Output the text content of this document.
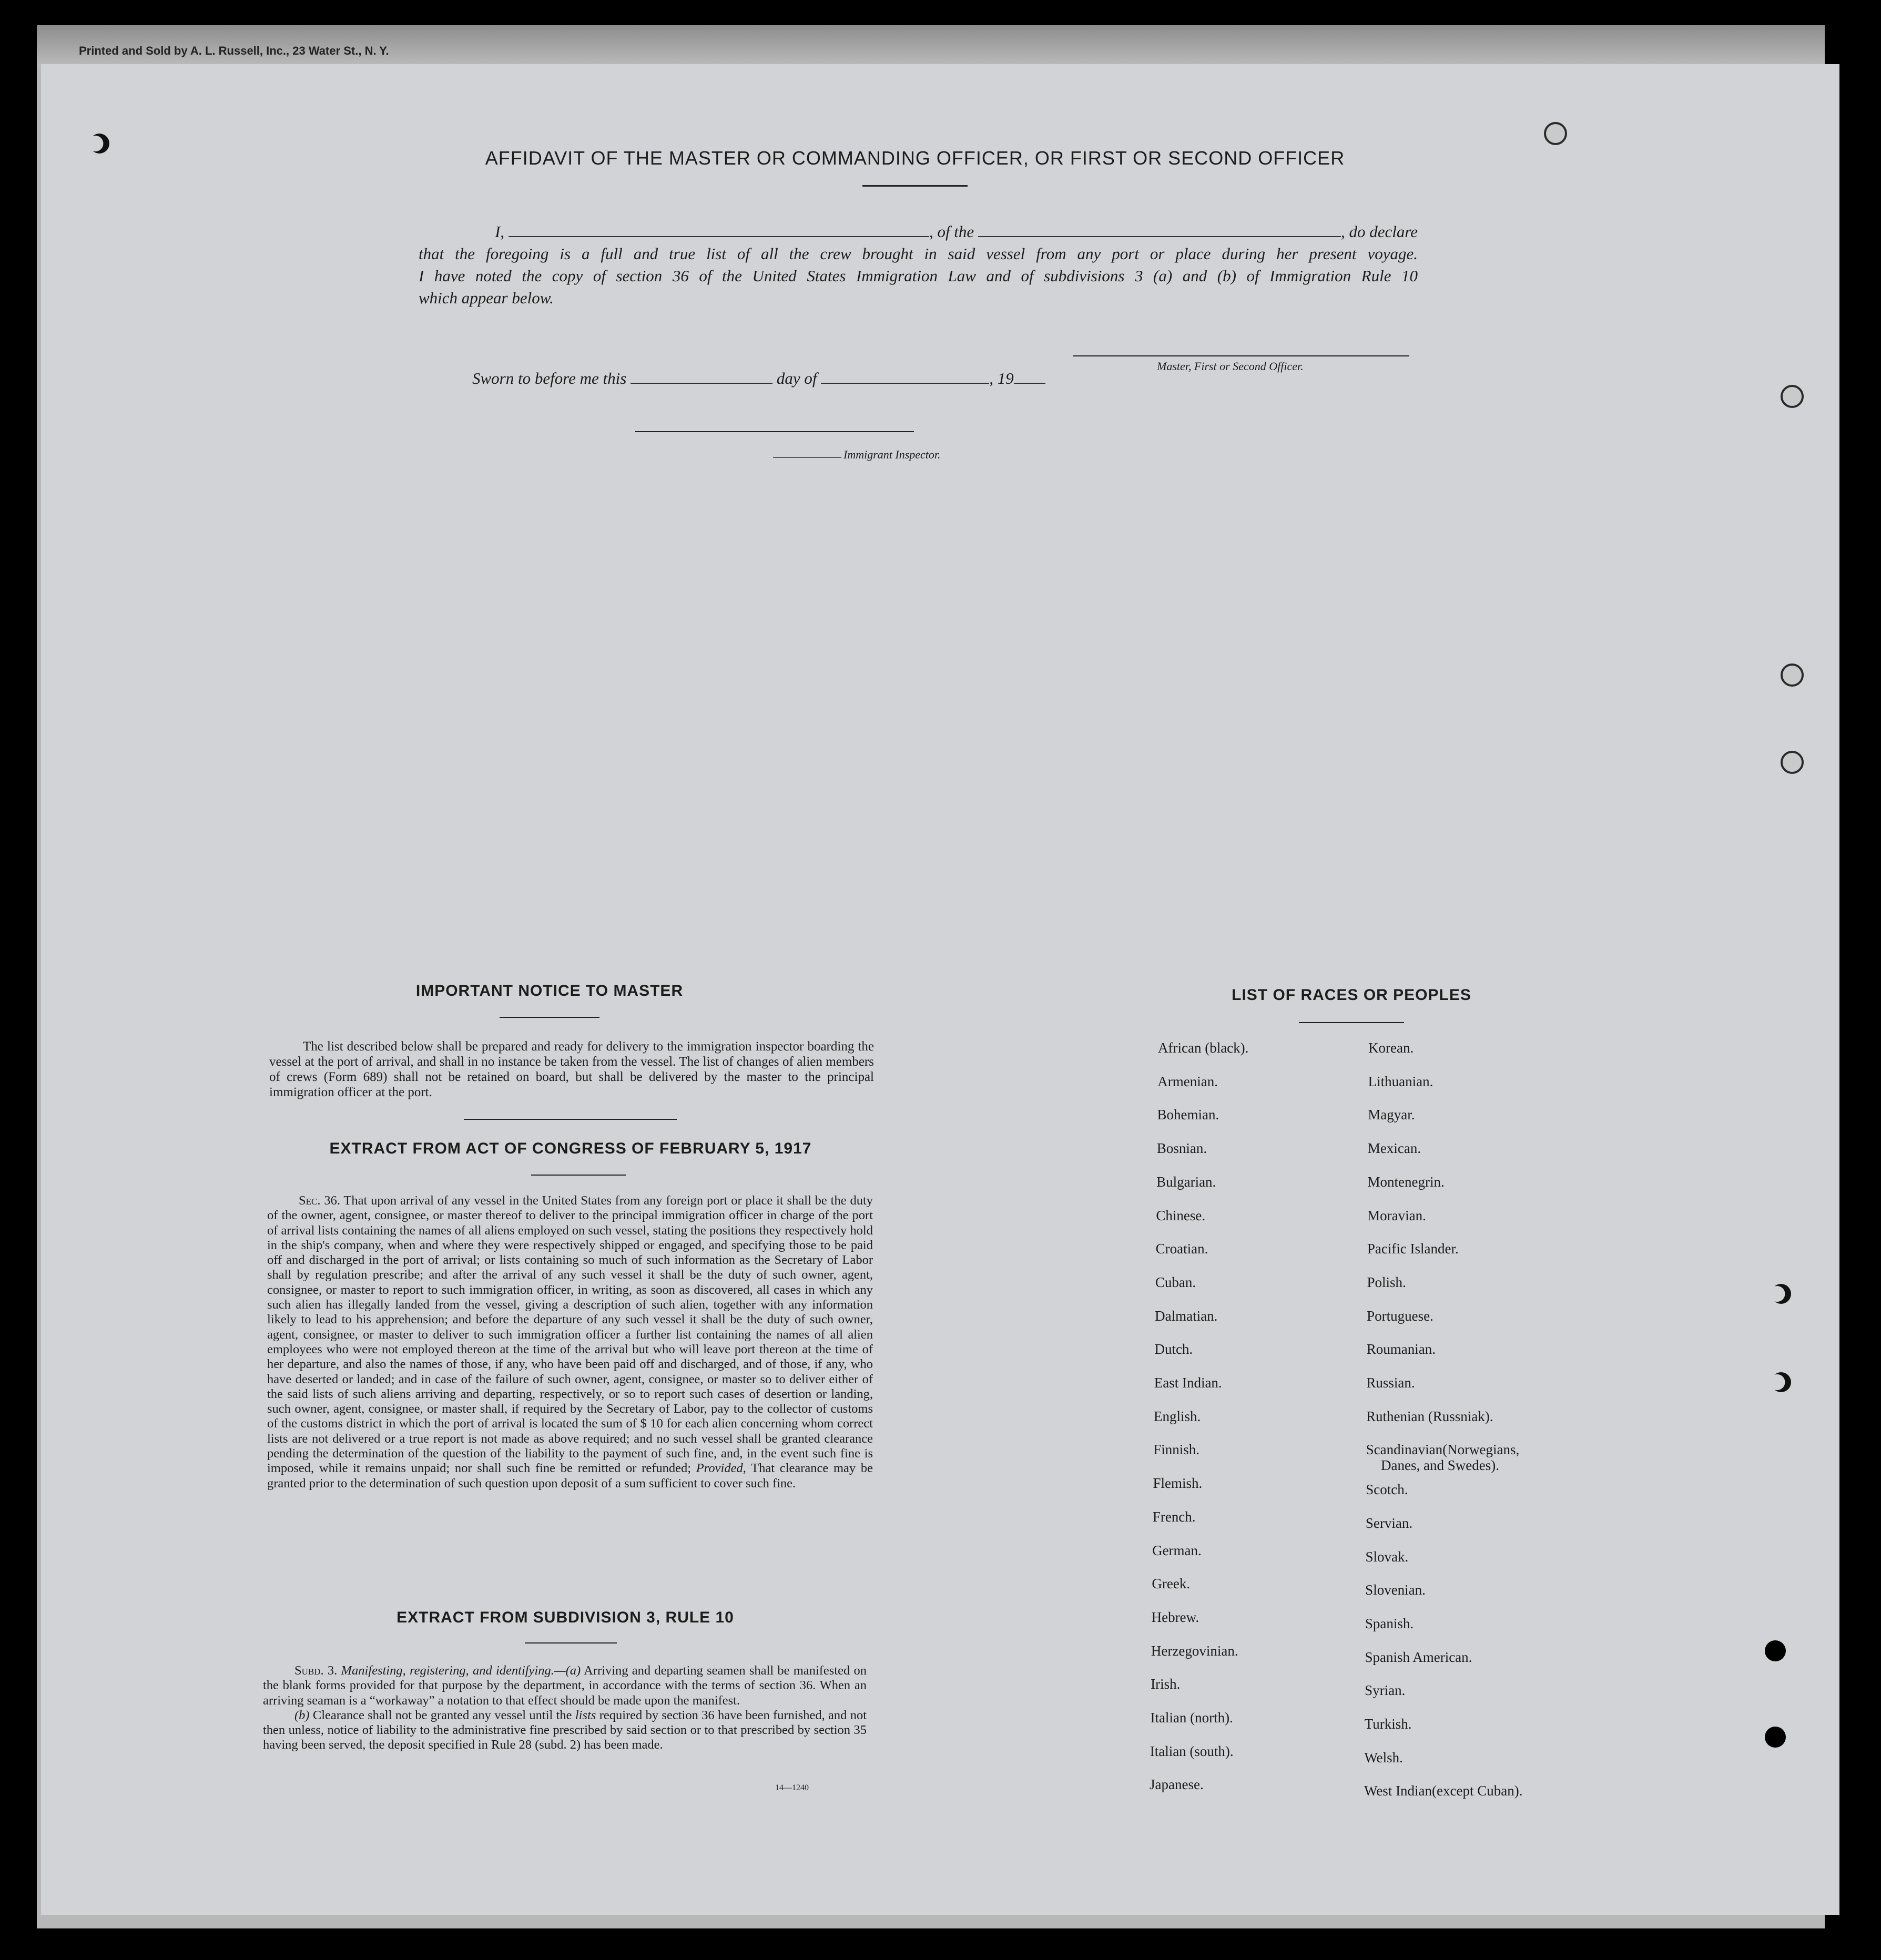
Printed and Sold by A. L. Russell, Inc., 23 Water St., N. Y.
AFFIDAVIT OF THE MASTER OR COMMANDING OFFICER, OR FIRST OR SECOND OFFICER
I,	, of the	, do declare
that the foregoing is a full and true list of all the crew brought in said vessel from any port or place during her present voyage.
I have noted the copy of section 36 of the United States Immigration Law and of subdivisions 3 (a) and (b) of Immigration Rule 10
which appear below.
Master, First or Second Officer.
Sworn to before me this	day of	, 19
Immigrant Inspector.
IMPORTANT NOTICE TO MASTER
The list described below shall be prepared and ready for delivery to the immigration inspector boarding the vessel at the port of arrival, and shall in no instance be taken from the vessel. The list of changes of alien members of crews (Form 689) shall not be retained on board, but shall be delivered by the master to the principal immigration officer at the port.
EXTRACT FROM ACT OF CONGRESS OF FEBRUARY 5, 1917
Sec. 36. That upon arrival of any vessel in the United States from any foreign port or place it shall be the duty of the owner, agent, consignee, or master thereof to deliver to the principal immigration officer in charge of the port of arrival lists containing the names of all aliens employed on such vessel, stating the positions they respectively hold in the ship's company, when and where they were respectively shipped or engaged, and specifying those to be paid off and discharged in the port of arrival; or lists containing so much of such information as the Secretary of Labor shall by regulation prescribe; and after the arrival of any such vessel it shall be the duty of such owner, agent, consignee, or master to report to such immigration officer, in writing, as soon as discovered, all cases in which any such alien has illegally landed from the vessel, giving a description of such alien, together with any information likely to lead to his apprehension; and before the departure of any such vessel it shall be the duty of such owner, agent, consignee, or master to deliver to such immigration officer a further list containing the names of all alien employees who were not employed thereon at the time of the arrival but who will leave port thereon at the time of her departure, and also the names of those, if any, who have been paid off and discharged, and of those, if any, who have deserted or landed; and in case of the failure of such owner, agent, consignee, or master so to deliver either of the said lists of such aliens arriving and departing, respectively, or so to report such cases of desertion or landing, such owner, agent, consignee, or master shall, if required by the Secretary of Labor, pay to the collector of customs of the customs district in which the port of arrival is located the sum of $ 10 for each alien concerning whom correct lists are not delivered or a true report is not made as above required; and no such vessel shall be granted clearance pending the determination of the question of the liability to the payment of such fine, and, in the event such fine is imposed, while it remains unpaid; nor shall such fine be remitted or refunded; Provided, That clearance may be granted prior to the determination of such question upon deposit of a sum sufficient to cover such fine.
EXTRACT FROM SUBDIVISION 3, RULE 10
Subd. 3. Manifesting, registering, and identifying.—(a) Arriving and departing seamen shall be manifested on the blank forms provided for that purpose by the department, in accordance with the terms of section 36. When an arriving seaman is a “workaway” a notation to that effect should be made upon the manifest.
(b) Clearance shall not be granted any vessel until the lists required by section 36 have been furnished, and not then unless, notice of liability to the administrative fine prescribed by said section or to that prescribed by section 35 having been served, the deposit specified in Rule 28 (subd. 2) has been made.
14—1240
LIST OF RACES OR PEOPLES
African (black).
Armenian.
Bohemian.
Bosnian.
Bulgarian.
Chinese.
Croatian.
Cuban.
Dalmatian.
Dutch.
East Indian.
English.
Finnish.
Flemish.
French.
German.
Greek.
Hebrew.
Herzegovinian.
Irish.
Italian (north).
Italian (south).
Japanese.
Korean.
Lithuanian.
Magyar.
Mexican.
Montenegrin.
Moravian.
Pacific Islander.
Polish.
Portuguese.
Roumanian.
Russian.
Ruthenian (Russniak).
Scandinavian(Norwegians,
Scotch.
Servian.
Slovak.
Slovenian.
Spanish.
Spanish American.
Syrian.
Turkish.
Welsh.
West Indian(except Cuban).
Danes, and Swedes).
